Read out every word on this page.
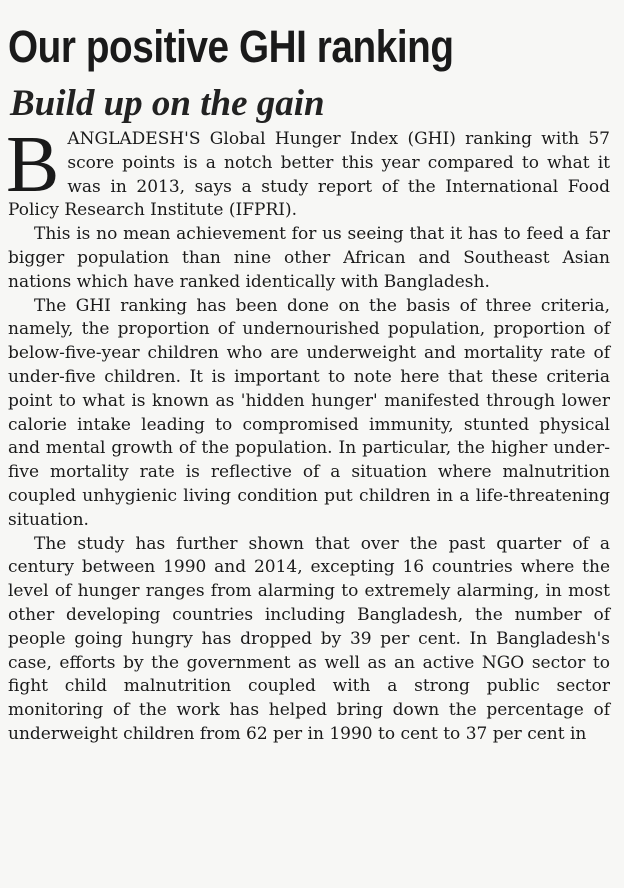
Our positive GHI ranking
Build up on the gain

BANGLADESH'S Global Hunger Index (GHI) ranking with 57 score points is a notch better this year compared to what it was in 2013, says a study report of the International Food Policy Research Institute (IFPRI).

This is no mean achievement for us seeing that it has to feed a far bigger population than nine other African and Southeast Asian nations which have ranked identically with Bangladesh.

The GHI ranking has been done on the basis of three criteria, namely, the proportion of undernourished population, proportion of below-five-year children who are underweight and mortality rate of under-five children. It is important to note here that these criteria point to what is known as 'hidden hunger' manifested through lower calorie intake leading to compromised immunity, stunted physical and mental growth of the population. In particular, the higher under-five mortality rate is reflective of a situation where malnutrition coupled unhygienic living condition put children in a life-threatening situation.

The study has further shown that over the past quarter of a century between 1990 and 2014, excepting 16 countries where the level of hunger ranges from alarming to extremely alarming, in most other developing countries including Bangladesh, the number of people going hungry has dropped by 39 per cent. In Bangladesh's case, efforts by the government as well as an active NGO sector to fight child malnutrition coupled with a strong public sector monitoring of the work has helped bring down the percentage of underweight children from 62 per in 1990 to cent to 37 per cent in
